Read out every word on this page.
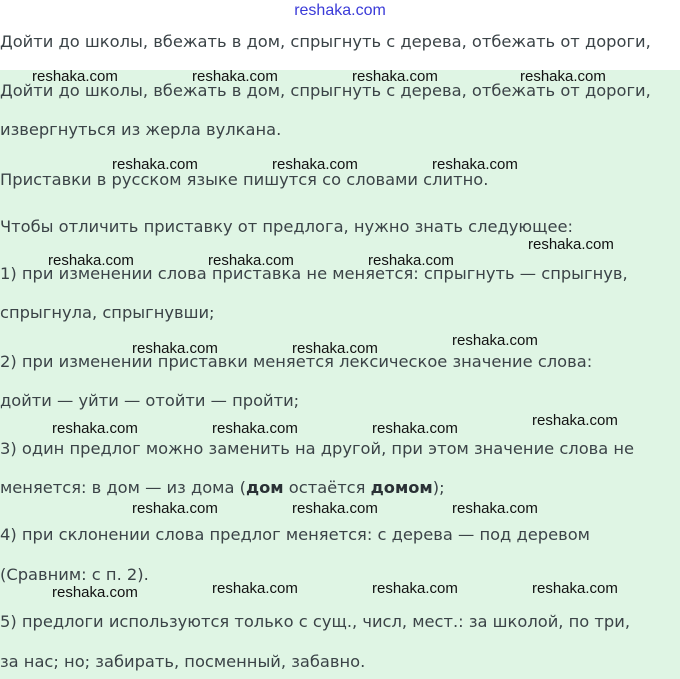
reshaka.com

Дойти до школы, вбежать в дом, спрыгнуть с дерева, отбежать от дороги,

Дойти до школы, вбежать в дом, спрыгнуть с дерева, отбежать от дороги,

извергнуться из жерла вулкана.

Приставки в русском языке пишутся со словами слитно.

Чтобы отличить приставку от предлога, нужно знать следующее:

1) при изменении слова приставка не меняется: спрыгнуть — спрыгнув,

спрыгнула, спрыгнувши;

2) при изменении приставки меняется лексическое значение слова:

дойти — уйти — отойти — пройти;

3) один предлог можно заменить на другой, при этом значение слова не

меняется: в дом — из дома (дом остаётся домом);

4) при склонении слова предлог меняется: с дерева — под деревом

(Сравним: с п. 2).

5) предлоги используются только с сущ., числ, мест.: за школой, по три,

за нас; но; забирать, посменный, забавно.

reshaka.com	reshaka.com	reshaka.com	reshaka.com
reshaka.com	reshaka.com	reshaka.com
reshaka.com
reshaka.com	reshaka.com	reshaka.com
reshaka.com
reshaka.com	reshaka.com
reshaka.com
reshaka.com	reshaka.com	reshaka.com
reshaka.com	reshaka.com	reshaka.com
reshaka.com	reshaka.com	reshaka.com
reshaka.com
